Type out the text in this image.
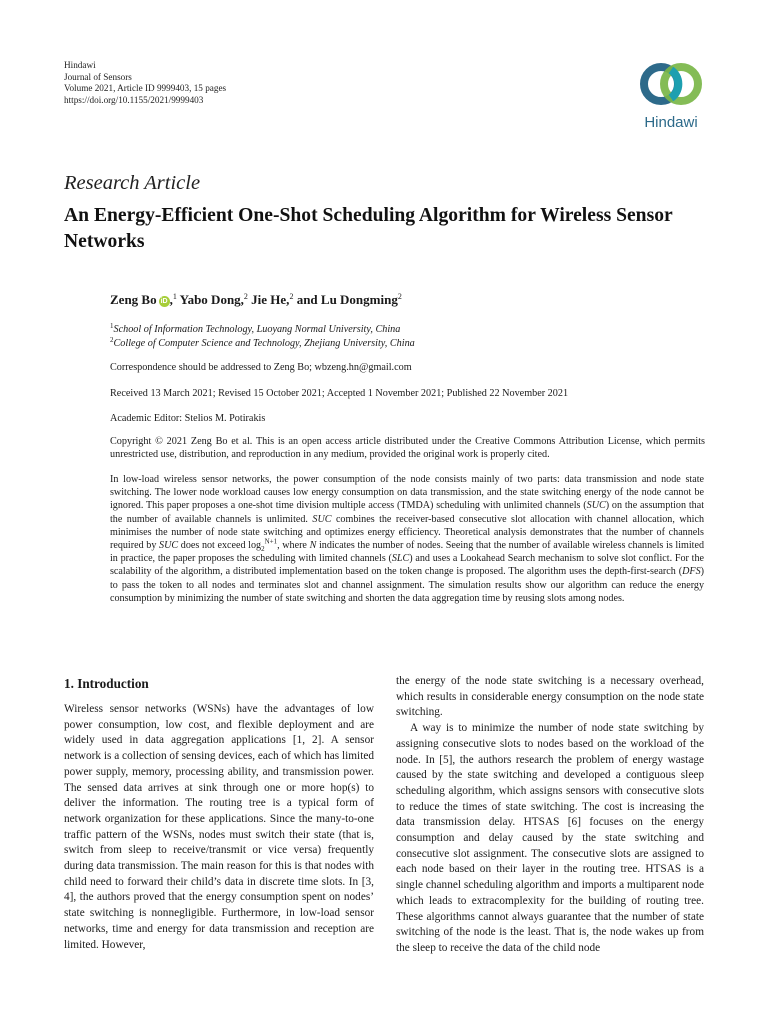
Hindawi
Journal of Sensors
Volume 2021, Article ID 9999403, 15 pages
https://doi.org/10.1155/2021/9999403
Hindawi
Research Article
An Energy-Efficient One-Shot Scheduling Algorithm for Wireless Sensor Networks
Zeng Bo iD ,$^1$ Yabo Dong,$^2$ Jie He,$^2$ and Lu Dongming$^2$
$^1$School of Information Technology, Luoyang Normal University, China
$^2$College of Computer Science and Technology, Zhejiang University, China
Correspondence should be addressed to Zeng Bo; wbzeng.hn@gmail.com
Received 13 March 2021; Revised 15 October 2021; Accepted 1 November 2021; Published 22 November 2021
Academic Editor: Stelios M. Potirakis
Copyright © 2021 Zeng Bo et al. This is an open access article distributed under the Creative Commons Attribution License, which permits unrestricted use, distribution, and reproduction in any medium, provided the original work is properly cited.
In low-load wireless sensor networks, the power consumption of the node consists mainly of two parts: data transmission and node state switching. The lower node workload causes low energy consumption on data transmission, and the state switching energy of the node cannot be ignored. This paper proposes a one-shot time division multiple access (TMDA) scheduling with unlimited channels (SUC) on the assumption that the number of available channels is unlimited. SUC combines the receiver-based consecutive slot allocation with channel allocation, which minimises the number of node state switching and optimizes energy efficiency. Theoretical analysis demonstrates that the number of channels required by SUC does not exceed $\log_2^{N+1}$, where N indicates the number of nodes. Seeing that the number of available wireless channels is limited in practice, the paper proposes the scheduling with limited channels (SLC) and uses a Lookahead Search mechanism to solve slot conflict. For the scalability of the algorithm, a distributed implementation based on the token change is proposed. The algorithm uses the depth-first-search (DFS) to pass the token to all nodes and terminates slot and channel assignment. The simulation results show our algorithm can reduce the energy consumption by minimizing the number of state switching and shorten the data aggregation time by reusing slots among nodes.
1. Introduction

Wireless sensor networks (WSNs) have the advantages of low power consumption, low cost, and flexible deployment and are widely used in data aggregation applications [1, 2]. A sensor network is a collection of sensing devices, each of which has limited power supply, memory, processing ability, and transmission power. The sensed data arrives at sink through one or more hop(s) to deliver the information. The routing tree is a typical form of network organization for these applications. Since the many-to-one traffic pattern of the WSNs, nodes must switch their state (that is, switch from sleep to receive/transmit or vice versa) frequently during data transmission. The main reason for this is that nodes with child need to forward their child’s data in discrete time slots. In [3, 4], the authors proved that the energy consumption spent on nodes’ state switching is nonnegligible. Furthermore, in low-load sensor networks, time and energy for data transmission and reception are limited. However,

the energy of the node state switching is a necessary overhead, which results in considerable energy consumption on the node state switching.

A way is to minimize the number of node state switching by assigning consecutive slots to nodes based on the workload of the node. In [5], the authors research the problem of energy wastage caused by the state switching and developed a contiguous sleep scheduling algorithm, which assigns sensors with consecutive slots to reduce the times of state switching. The cost is increasing the data transmission delay. HTSAS [6] focuses on the energy consumption and delay caused by the state switching and consecutive slot assignment. The consecutive slots are assigned to each node based on their layer in the routing tree. HTSAS is a single channel scheduling algorithm and imports a multiparent node which leads to extracomplexity for the building of routing tree. These algorithms cannot always guarantee that the number of state switching of the node is the least. That is, the node wakes up from the sleep to receive the data of the child node
